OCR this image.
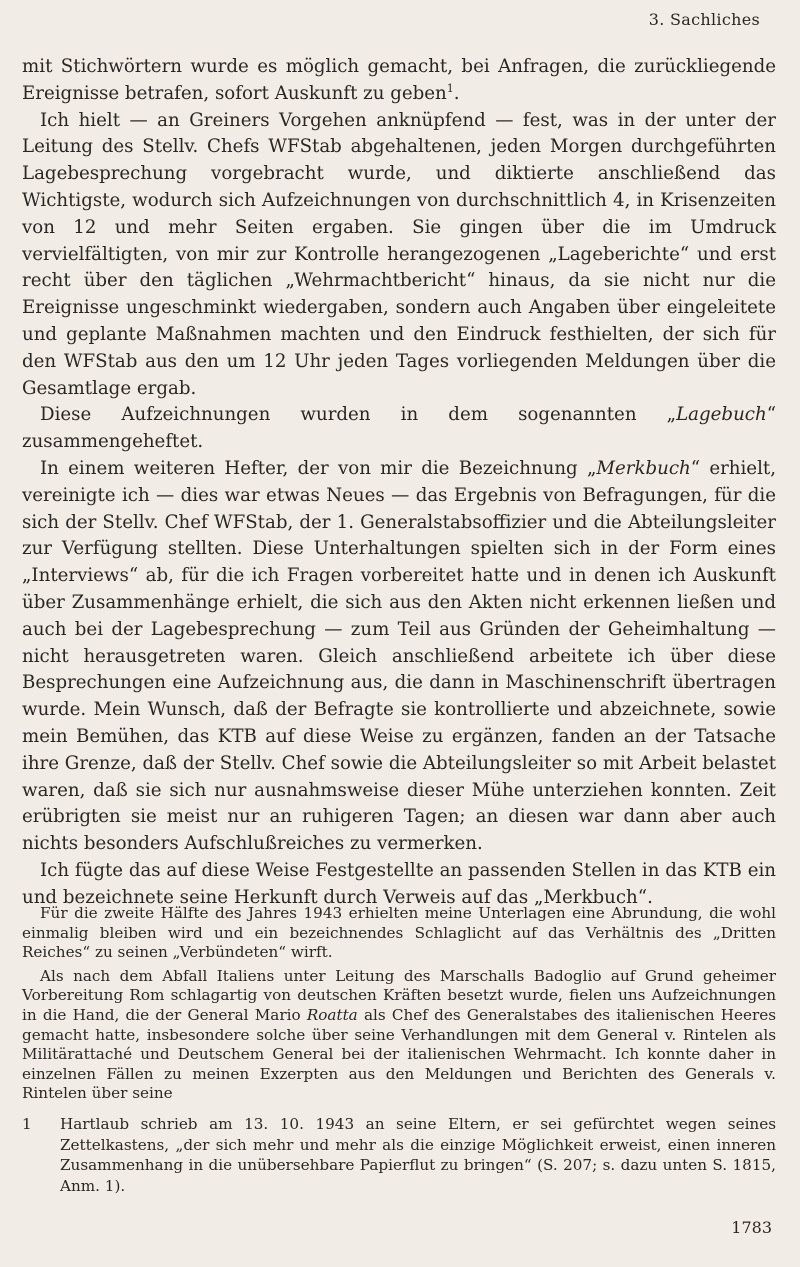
3. Sachliches

mit Stichwörtern wurde es möglich gemacht, bei Anfragen, die zurückliegende Ereignisse betrafen, sofort Auskunft zu geben$^1$.

Ich hielt — an Greiners Vorgehen anknüpfend — fest, was in der unter der Leitung des Stellv. Chefs WFStab abgehaltenen, jeden Morgen durchgeführten Lagebesprechung vorgebracht wurde, und diktierte anschließend das Wichtigste, wodurch sich Aufzeichnungen von durchschnittlich 4, in Krisenzeiten von 12 und mehr Seiten ergaben. Sie gingen über die im Umdruck vervielfältigten, von mir zur Kontrolle herangezogenen „Lageberichte“ und erst recht über den täglichen „Wehrmachtbericht“ hinaus, da sie nicht nur die Ereignisse ungeschminkt wiedergaben, sondern auch Angaben über eingeleitete und geplante Maßnahmen machten und den Eindruck festhielten, der sich für den WFStab aus den um 12 Uhr jeden Tages vorliegenden Meldungen über die Gesamtlage ergab.

Diese Aufzeichnungen wurden in dem sogenannten „Lagebuch“ zusammengeheftet.

In einem weiteren Hefter, der von mir die Bezeichnung „Merkbuch“ erhielt, vereinigte ich — dies war etwas Neues — das Ergebnis von Befragungen, für die sich der Stellv. Chef WFStab, der 1. Generalstabsoffizier und die Abteilungsleiter zur Verfügung stellten. Diese Unterhaltungen spielten sich in der Form eines „Interviews“ ab, für die ich Fragen vorbereitet hatte und in denen ich Auskunft über Zusammenhänge erhielt, die sich aus den Akten nicht erkennen ließen und auch bei der Lagebesprechung — zum Teil aus Gründen der Geheimhaltung — nicht herausgetreten waren. Gleich anschließend arbeitete ich über diese Besprechungen eine Aufzeichnung aus, die dann in Maschinenschrift übertragen wurde. Mein Wunsch, daß der Befragte sie kontrollierte und abzeichnete, sowie mein Bemühen, das KTB auf diese Weise zu ergänzen, fanden an der Tatsache ihre Grenze, daß der Stellv. Chef sowie die Abteilungsleiter so mit Arbeit belastet waren, daß sie sich nur ausnahmsweise dieser Mühe unterziehen konnten. Zeit erübrigten sie meist nur an ruhigeren Tagen; an diesen war dann aber auch nichts besonders Aufschlußreiches zu vermerken.

Ich fügte das auf diese Weise Festgestellte an passenden Stellen in das KTB ein und bezeichnete seine Herkunft durch Verweis auf das „Merkbuch“.

Für die zweite Hälfte des Jahres 1943 erhielten meine Unterlagen eine Abrundung, die wohl einmalig bleiben wird und ein bezeichnendes Schlaglicht auf das Verhältnis des „Dritten Reiches“ zu seinen „Verbündeten“ wirft.

Als nach dem Abfall Italiens unter Leitung des Marschalls Badoglio auf Grund geheimer Vorbereitung Rom schlagartig von deutschen Kräften besetzt wurde, fielen uns Aufzeichnungen in die Hand, die der General Mario Roatta als Chef des Generalstabes des italienischen Heeres gemacht hatte, insbesondere solche über seine Verhandlungen mit dem General v. Rintelen als Militärattaché und Deutschem General bei der italienischen Wehrmacht. Ich konnte daher in einzelnen Fällen zu meinen Exzerpten aus den Meldungen und Berichten des Generals v. Rintelen über seine

1	Hartlaub schrieb am 13. 10. 1943 an seine Eltern, er sei gefürchtet wegen seines Zettelkastens, „der sich mehr und mehr als die einzige Möglichkeit erweist, einen inneren Zusammenhang in die unübersehbare Papierflut zu bringen“ (S. 207; s. dazu unten S. 1815, Anm. 1).
1783
